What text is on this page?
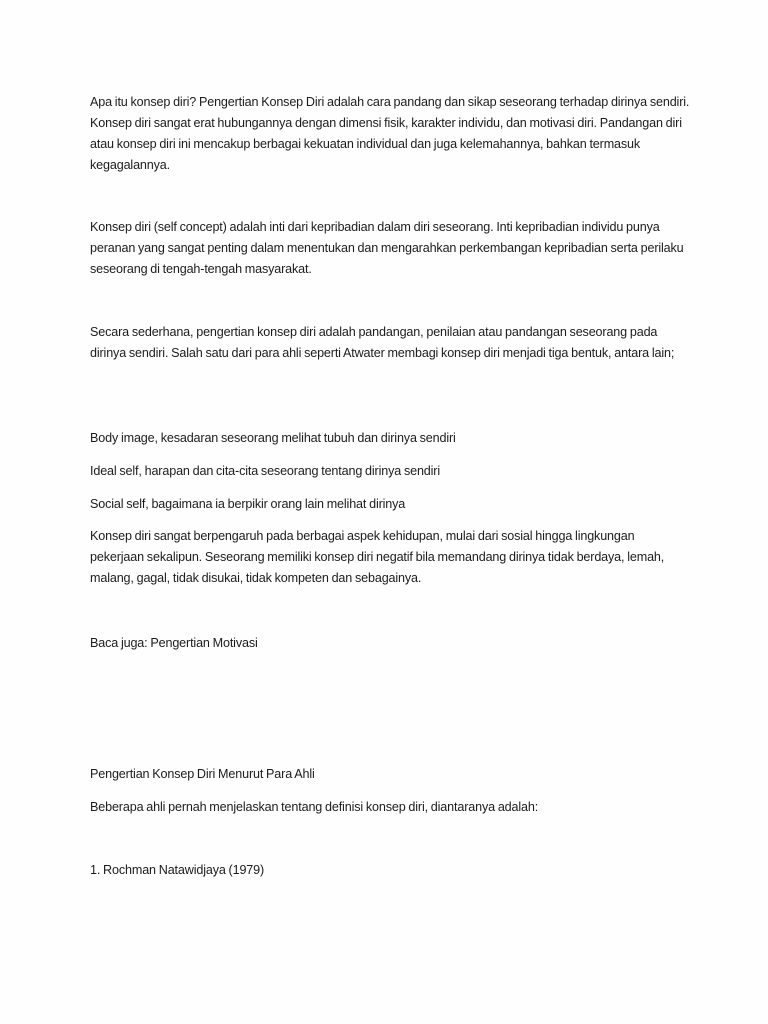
Apa itu konsep diri? Pengertian Konsep Diri adalah cara pandang dan sikap seseorang terhadap dirinya sendiri. Konsep diri sangat erat hubungannya dengan dimensi fisik, karakter individu, dan motivasi diri. Pandangan diri atau konsep diri ini mencakup berbagai kekuatan individual dan juga kelemahannya, bahkan termasuk kegagalannya.

Konsep diri (self concept) adalah inti dari kepribadian dalam diri seseorang. Inti kepribadian individu punya peranan yang sangat penting dalam menentukan dan mengarahkan perkembangan kepribadian serta perilaku seseorang di tengah-tengah masyarakat.

Secara sederhana, pengertian konsep diri adalah pandangan, penilaian atau pandangan seseorang pada dirinya sendiri. Salah satu dari para ahli seperti Atwater membagi konsep diri menjadi tiga bentuk, antara lain;

Body image, kesadaran seseorang melihat tubuh dan dirinya sendiri

Ideal self, harapan dan cita-cita seseorang tentang dirinya sendiri

Social self, bagaimana ia berpikir orang lain melihat dirinya

Konsep diri sangat berpengaruh pada berbagai aspek kehidupan, mulai dari sosial hingga lingkungan pekerjaan sekalipun. Seseorang memiliki konsep diri negatif bila memandang dirinya tidak berdaya, lemah, malang, gagal, tidak disukai, tidak kompeten dan sebagainya.

Baca juga: Pengertian Motivasi

Pengertian Konsep Diri Menurut Para Ahli

Beberapa ahli pernah menjelaskan tentang definisi konsep diri, diantaranya adalah:

1. Rochman Natawidjaya (1979)
